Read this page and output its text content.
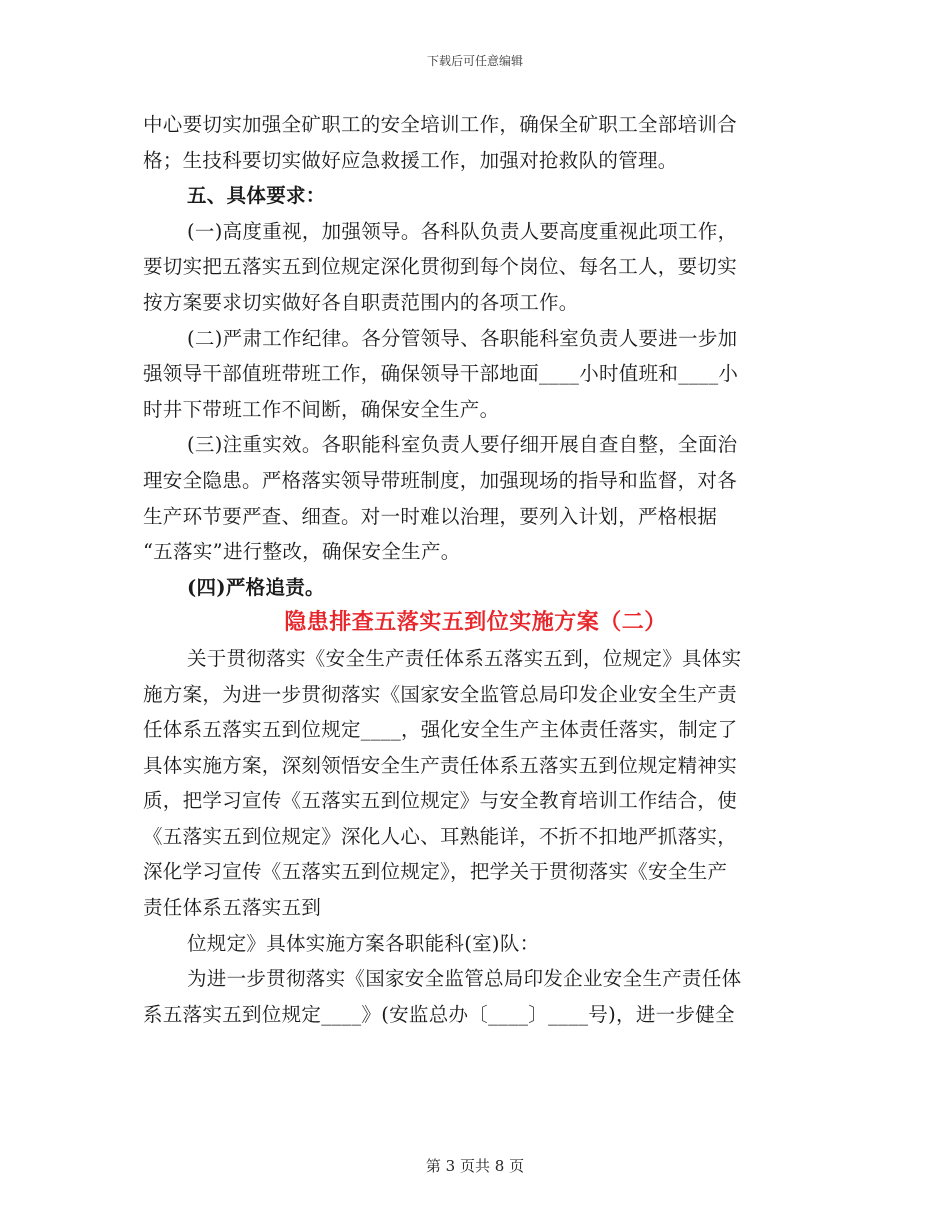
下载后可任意编辑
中心要切实加强全矿职工的安全培训工作，确保全矿职工全部培训合
格；生技科要切实做好应急救援工作，加强对抢救队的管理。
五、具体要求：
(一)高度重视，加强领导。各科队负责人要高度重视此项工作，
要切实把五落实五到位规定深化贯彻到每个岗位、每名工人，要切实
按方案要求切实做好各自职责范围内的各项工作。
(二)严肃工作纪律。各分管领导、各职能科室负责人要进一步加
强领导干部值班带班工作，确保领导干部地面____小时值班和____小
时井下带班工作不间断，确保安全生产。
(三)注重实效。各职能科室负责人要仔细开展自查自整，全面治
理安全隐患。严格落实领导带班制度，加强现场的指导和监督，对各
生产环节要严查、细查。对一时难以治理，要列入计划，严格根据
“五落实”进行整改，确保安全生产。
(四)严格追责。
隐患排查五落实五到位实施方案（二）
关于贯彻落实《安全生产责任体系五落实五到，位规定》具体实
施方案，为进一步贯彻落实《国家安全监管总局印发企业安全生产责
任体系五落实五到位规定____，强化安全生产主体责任落实，制定了
具体实施方案，深刻领悟安全生产责任体系五落实五到位规定精神实
质，把学习宣传《五落实五到位规定》与安全教育培训工作结合，使
《五落实五到位规定》深化人心、耳熟能详，不折不扣地严抓落实，
深化学习宣传《五落实五到位规定》，把学关于贯彻落实《安全生产
责任体系五落实五到
位规定》具体实施方案各职能科(室)队：
为进一步贯彻落实《国家安全监管总局印发企业安全生产责任体
系五落实五到位规定____》(安监总办〔____〕____号)，进一步健全
第 3 页共 8 页
